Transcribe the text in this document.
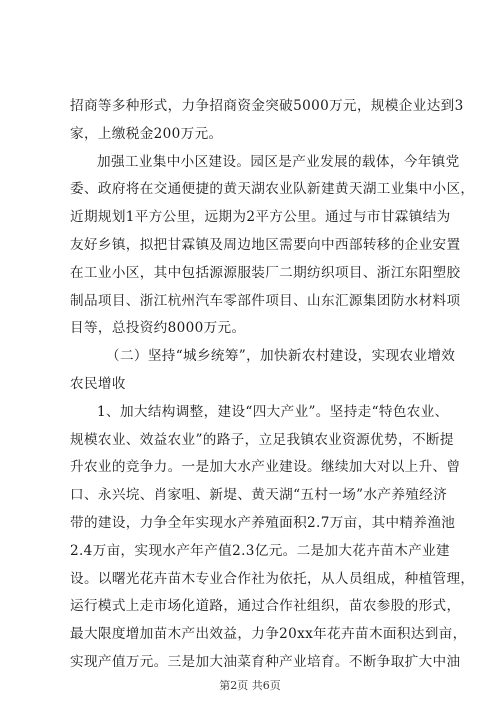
招商等多种形式，力争招商资金突破5000万元，规模企业达到3
家，上缴税金200万元。
加强工业集中小区建设。园区是产业发展的载体，今年镇党
委、政府将在交通便捷的黄天湖农业队新建黄天湖工业集中小区，
近期规划1平方公里，远期为2平方公里。通过与市甘霖镇结为
友好乡镇，拟把甘霖镇及周边地区需要向中西部转移的企业安置
在工业小区，其中包括源源服装厂二期纺织项目、浙江东阳塑胶
制品项目、浙江杭州汽车零部件项目、山东汇源集团防水材料项
目等，总投资约8000万元。
（二）坚持“城乡统筹”，加快新农村建设，实现农业增效
农民增收
1、加大结构调整，建设“四大产业”。坚持走“特色农业、
规模农业、效益农业”的路子，立足我镇农业资源优势，不断提
升农业的竞争力。一是加大水产业建设。继续加大对以上升、曾
口、永兴垸、肖家咀、新堤、黄天湖“五村一场”水产养殖经济
带的建设，力争全年实现水产养殖面积2.7万亩，其中精养渔池
2.4万亩，实现水产年产值2.3亿元。二是加大花卉苗木产业建
设。以曙光花卉苗木专业合作社为依托，从人员组成，种植管理，
运行模式上走市场化道路，通过合作社组织，苗农参股的形式，
最大限度增加苗木产出效益，力争20xx年花卉苗木面积达到亩，
实现产值万元。三是加大油菜育种产业培育。不断争取扩大中油
第2页 共6页
